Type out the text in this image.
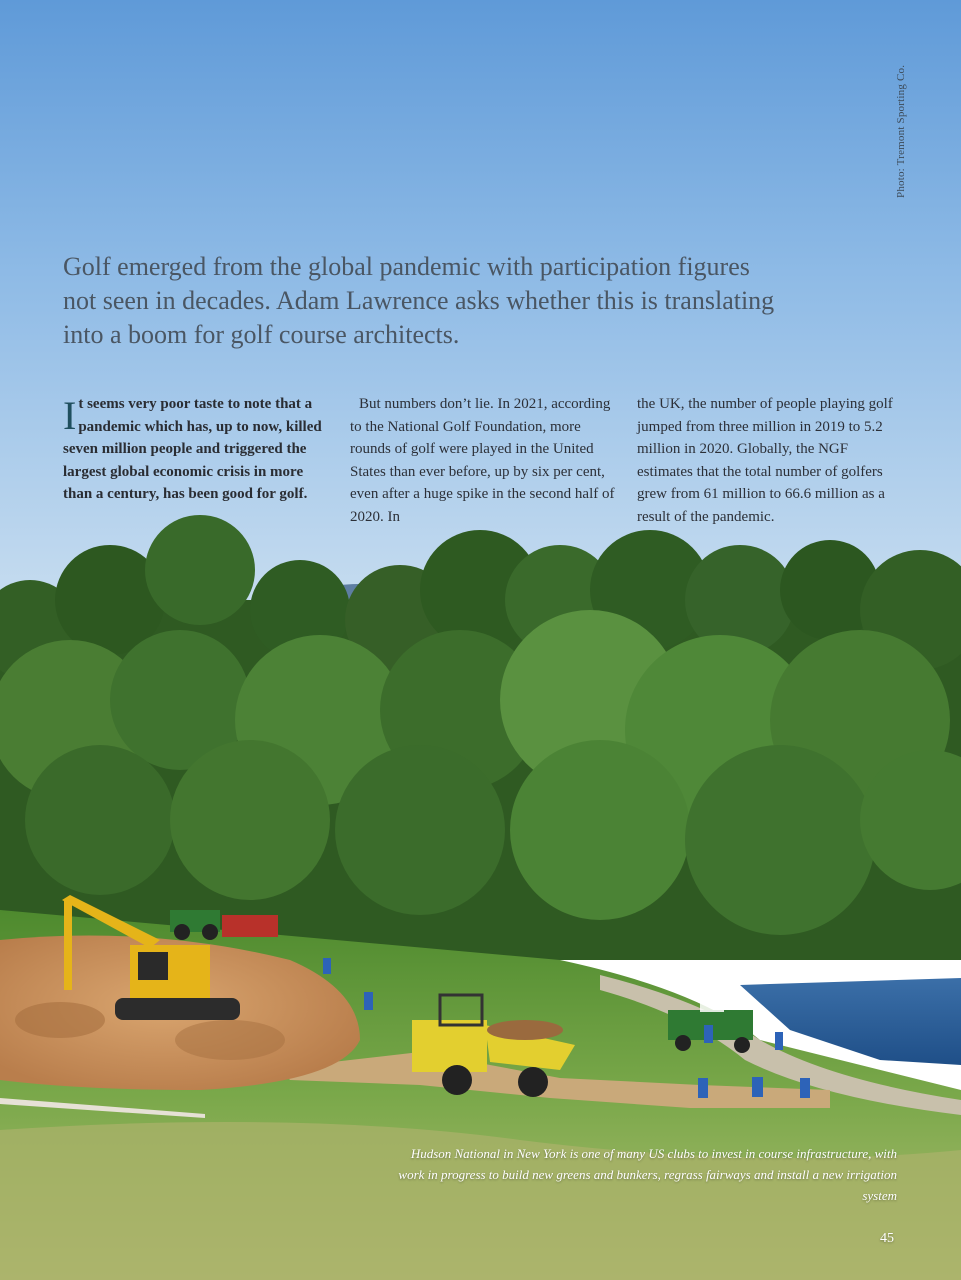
Photo: Tremont Sporting Co.

Golf emerged from the global pandemic with participation figures not seen in decades. Adam Lawrence asks whether this is translating into a boom for golf course architects.

It seems very poor taste to note that a pandemic which has, up to now, killed seven million people and triggered the largest global economic crisis in more than a century, has been good for golf.

But numbers don’t lie. In 2021, according to the National Golf Foundation, more rounds of golf were played in the United States than ever before, up by six per cent, even after a huge spike in the second half of 2020. In

the UK, the number of people playing golf jumped from three million in 2019 to 5.2 million in 2020. Globally, the NGF estimates that the total number of golfers grew from 61 million to 66.6 million as a result of the pandemic.

Hudson National in New York is one of many US clubs to invest in course infrastructure, with work in progress to build new greens and bunkers, regrass fairways and install a new irrigation system
45
